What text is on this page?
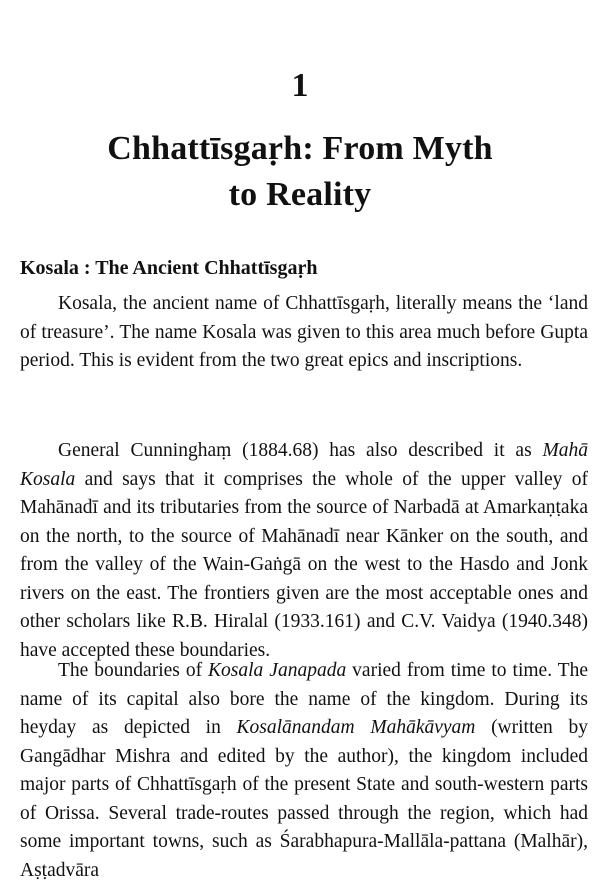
1
Chhattīsgaṛh: From Myth
to Reality
Kosala : The Ancient Chhattīsgaṛh

Kosala, the ancient name of Chhattīsgaṛh, literally means the ‘land of treasure’. The name Kosala was given to this area much before Gupta period. This is evident from the two great epics and inscriptions.

General Cunninghaṃ (1884.68) has also described it as Mahā Kosala and says that it comprises the whole of the upper valley of Mahānadī and its tributaries from the source of Narbadā at Amarkaṇṭaka on the north, to the source of Mahānadī near Kānker on the south, and from the valley of the Wain-Gaṅgā on the west to the Hasdo and Jonk rivers on the east. The frontiers given are the most acceptable ones and other scholars like R.B. Hiralal (1933.161) and C.V. Vaidya (1940.348) have accepted these boundaries.

The boundaries of Kosala Janapada varied from time to time. The name of its capital also bore the name of the kingdom. During its heyday as depicted in Kosalānandam Mahākāvyam (written by Gangādhar Mishra and edited by the author), the kingdom included major parts of Chhattīsgaṛh of the present State and south-western parts of Orissa. Several trade-routes passed through the region, which had some important towns, such as Śarabhapura-Mallāla-pattana (Malhār), Aṣṭadvāra
